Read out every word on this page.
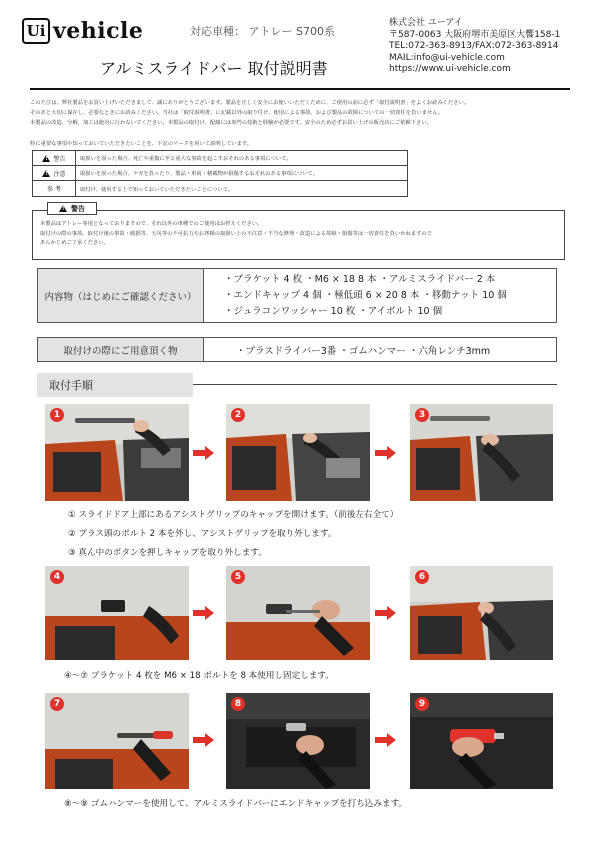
Ui vehicle	対応車種： アトレー S700系
アルミスライドバー 取付説明書
株式会社 ユーアイ
〒587-0063 大阪府堺市美原区大饗158-1
TEL:072-363-8913/FAX:072-363-8914
MAIL:info@ui-vehicle.com
https://www.ui-vehicle.com

このたびは、弊社製品をお買い上げいただきまして、誠にありがとうございます。製品を正しく安全にお使いいただくために、ご使用の前に必ず「取付説明書」をよくお読みください。

そのあと大切に保存し、必要なときにお読みください。当社は「取付説明書」に記載以外の取り付け、使用による事故、および製品の故障についての一切責任を負いません。

本製品の改造、分解、加工は絶対に行わないでください。本製品の取付け、配線には専門の技術と経験が必要です。安全のため必ずお買い上げの販売店にご依頼下さい。

特に重要な事項や知っておいていただきたいことを、下記のマークを用いて説明しています。
!
警告	取扱いを誤った場合、死亡や重傷に至る重大な事故を起こすおそれのある事項について。
!
注意	取扱いを誤った場合、ケガを負ったり、製品・車両・積載物が損傷するおそれのある事項について。
参 考	取付け、使用する上で知っておいていただきたいことについて。
!
警告
本製品はアトレー専用となっておりますので、それ以外の車種でのご使用はお控えください。
取付けの際の事故、取付け後の事故・破損等、天災等の不可抗力やお客様の取扱い上の不注意・不当な修理・改造による故障・損傷等は一切責任を負いかねますので
あらかじめご了承ください。
内容物（はじめにご確認ください）
・ブラケット 4 枚 ・M6 × 18 8 本 ・アルミスライドバー 2 本
・エンドキャップ 4 個 ・極低頭 6 × 20 8 本 ・移動ナット 10 個
・ジュラコンワッシャー 10 枚 ・アイボルト 10 個
取付けの際にご用意頂く物	・プラスドライバー3番 ・ゴムハンマー ・六角レンチ3mm
取付手順
1	2	3
① スライドドア上部にあるアシストグリップのキャップを開けます。（前後左右全て）
② プラス頭のボルト 2 本を外し、アシストグリップを取り外します。
③ 真ん中のボタンを押しキャップを取り外します。
4	5	6
④～⑦ ブラケット 4 枚を M6 × 18 ボルトを 8 本使用し固定します。
7	8	9
⑧～⑨ ゴムハンマーを使用して、アルミスライドバーにエンドキャップを打ち込みます。
